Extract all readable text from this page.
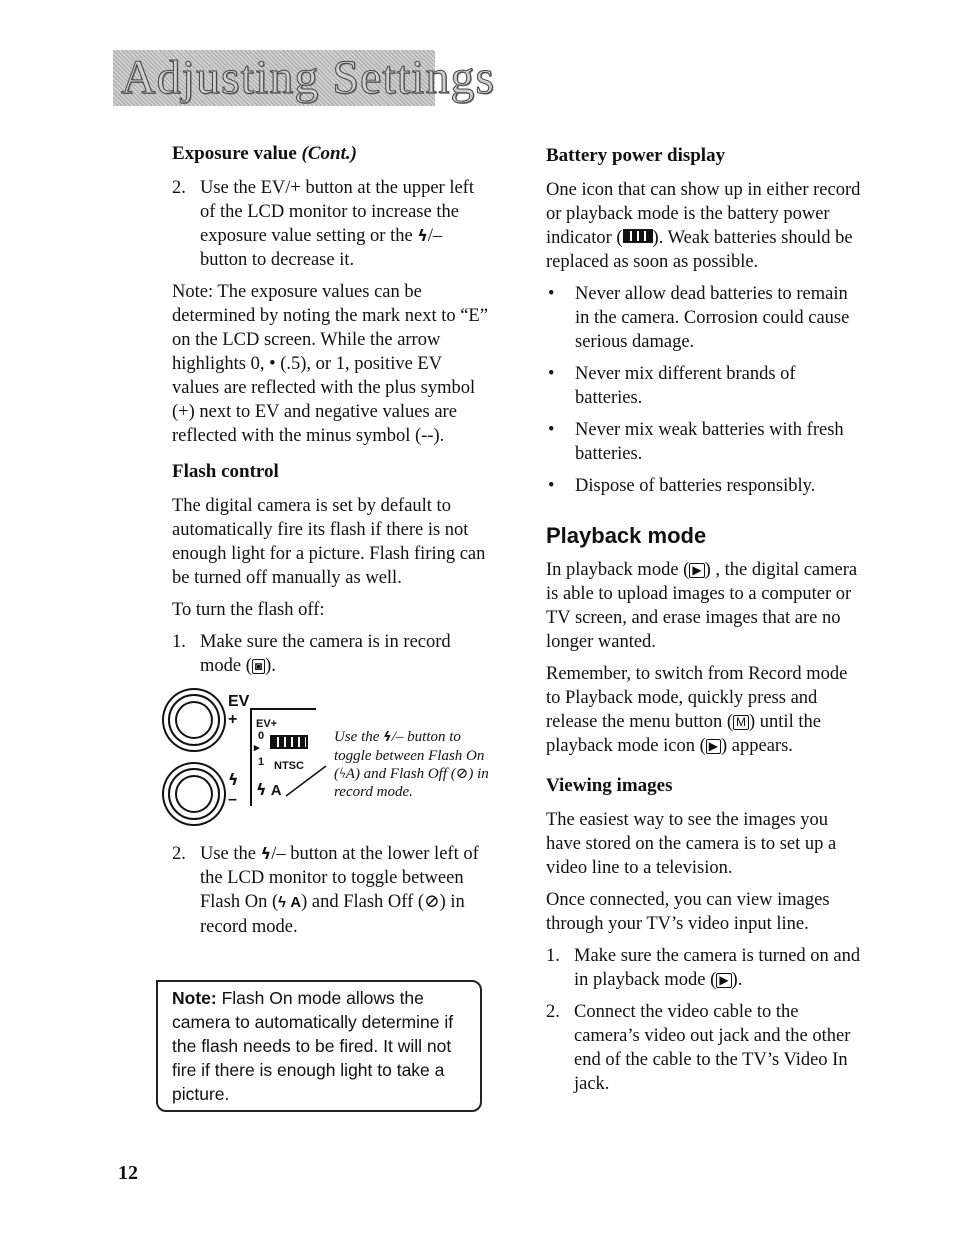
Adjusting Settings
Exposure value (Cont.)
2. Use the EV/+ button at the upper left of the LCD monitor to increase the exposure value setting or the ϟ/– button to decrease it.

Note: The exposure values can be determined by noting the mark next to “E” on the LCD screen. While the arrow highlights 0, • (.5), or 1, positive EV values are reflected with the plus symbol (+) next to EV and negative values are reflected with the minus symbol (--).

Flash control

The digital camera is set by default to automatically fire its flash if there is not enough light for a picture. Flash firing can be turned off manually as well.

To turn the flash off:

1. Make sure the camera is in record mode ( ◙ ).
EV
+
ϟ
–
EV+
0
▸
1 NTSC
ϟ A
Use the ϟ/– button to toggle between Flash On (ϟA) and Flash Off (⊘) in record mode.
2. Use the ϟ/– button at the lower left of the LCD monitor to toggle between Flash On (ϟ A) and Flash Off (⊘) in record mode.
Note: Flash On mode allows the camera to automatically determine if the flash needs to be fired. It will not fire if there is enough light to take a picture.
Battery power display

One icon that can show up in either record or playback mode is the battery power indicator ( ). Weak batteries should be replaced as soon as possible.

•	Never allow dead batteries to remain in the camera. Corrosion could cause serious damage.
•	Never mix different brands of batteries.
•	Never mix weak batteries with fresh batteries.
•	Dispose of batteries responsibly.
Playback mode

In playback mode ( ▶ ) , the digital camera is able to upload images to a computer or TV screen, and erase images that are no longer wanted.

Remember, to switch from Record mode to Playback mode, quickly press and release the menu button ( M ) until the playback mode icon ( ▶ ) appears.

Viewing images

The easiest way to see the images you have stored on the camera is to set up a video line to a television.

Once connected, you can view images through your TV’s video input line.

1. Make sure the camera is turned on and in playback mode ( ▶ ).
2. Connect the video cable to the camera’s video out jack and the other end of the cable to the TV’s Video In jack.
12
